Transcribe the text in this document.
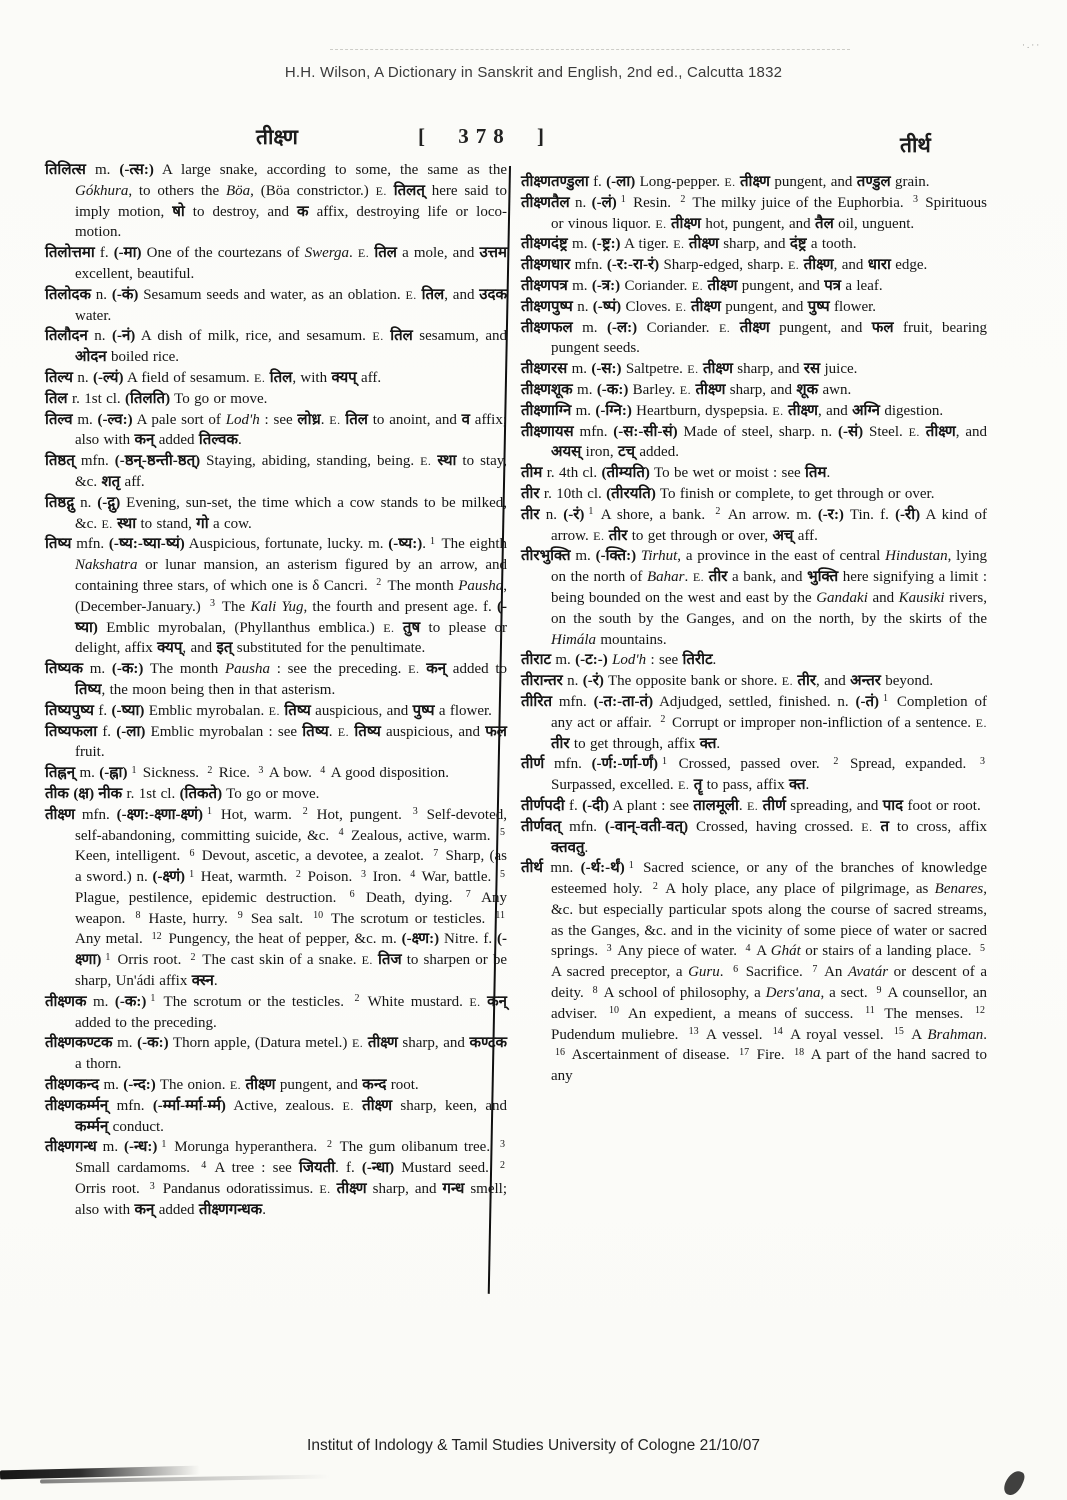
·.··
H.H. Wilson, A Dictionary in Sanskrit and English, 2nd ed., Calcutta 1832
तीक्ष्ण	[ 378 ]	तीर्थ
तिलित्स m. (-त्स:) A large snake, according to some, the same as the Gókhura, to others the Böa, (Böa constrictor.) E. तिलत् here said to imply motion, षो to destroy, and क affix, destroying life or loco-motion.
तिलोत्तमा f. (-मा) One of the courtezans of Swerga. E. तिल a mole, and उत्तम excellent, beautiful.
तिलोदक n. (-कं) Sesamum seeds and water, as an oblation. E. तिल, and उदक water.
तिलौदन n. (-नं) A dish of milk, rice, and sesamum. E. तिल sesamum, and ओदन boiled rice.
तिल्य n. (-ल्यं) A field of sesamum. E. तिल, with क्यप् aff.
तिल r. 1st cl. (तिलति) To go or move.
तिल्व m. (-ल्व:) A pale sort of Lod'h : see लोध्र. E. तिल to anoint, and व affix; also with कन् added तिल्वक.
तिष्ठत् mfn. (-ष्ठन्-ष्ठन्ती-ष्ठत्) Staying, abiding, standing, being. E. स्था to stay, &c. शतृ aff.
तिष्ठद्गु n. (-द्गु) Evening, sun-set, the time which a cow stands to be milked, &c. E. स्था to stand, गो a cow.
तिष्य mfn. (-ष्य:-ष्या-ष्यं) Auspicious, fortunate, lucky. m. (-ष्य:). $^1$ The eighth Nakshatra or lunar mansion, an asterism figured by an arrow, and containing three stars, of which one is δ Cancri. $^2$ The month Pausha, (December-January.) $^3$ The Kali Yug, the fourth and present age. f. (-ष्या) Emblic myrobalan, (Phyllanthus emblica.) E. तुष to please or delight, affix क्यप्, and इत् substituted for the penultimate.
तिष्यक m. (-क:) The month Pausha : see the preceding. E. कन् added to तिष्य, the moon being then in that asterism.
तिष्यपुष्य f. (-ष्या) Emblic myrobalan. E. तिष्य auspicious, and पुष्प a flower.
तिष्यफला f. (-ला) Emblic myrobalan : see तिष्य. E. तिष्य auspicious, and फल fruit.
तिह्नन् m. (-ह्ना) $^1$ Sickness. $^2$ Rice. $^3$ A bow. $^4$ A good disposition.
तीक (क्ष) नीक r. 1st cl. (तिकते) To go or move.
तीक्ष्ण mfn. (-क्ष्ण:-क्ष्णा-क्ष्णं) $^1$ Hot, warm. $^2$ Hot, pungent. $^3$ Self-devoted, self-abandoning, committing suicide, &c. $^4$ Zealous, active, warm. $^5$ Keen, intelligent. $^6$ Devout, ascetic, a devotee, a zealot. $^7$ Sharp, (as a sword.) n. (-क्ष्णं) $^1$ Heat, warmth. $^2$ Poison. $^3$ Iron. $^4$ War, battle. $^5$ Plague, pestilence, epidemic destruction. $^6$ Death, dying. $^7$ Any weapon. $^8$ Haste, hurry. $^9$ Sea salt. $^{10}$ The scrotum or testicles. $^{11}$ Any metal. $^{12}$ Pungency, the heat of pepper, &c. m. (-क्ष्ण:) Nitre. f. (-क्ष्णा) $^1$ Orris root. $^2$ The cast skin of a snake. E. तिज to sharpen or be sharp, Un'ádi affix क्स्न.
तीक्ष्णक m. (-क:) $^1$ The scrotum or the testicles. $^2$ White mustard. E. कन् added to the preceding.
तीक्ष्णकण्टक m. (-क:) Thorn apple, (Datura metel.) E. तीक्ष्ण sharp, and कण्टक a thorn.
तीक्ष्णकन्द m. (-न्द:) The onion. E. तीक्ष्ण pungent, and कन्द root.
तीक्ष्णकर्म्मन् mfn. (-र्म्मा-र्म्मा-र्म्म) Active, zealous. E. तीक्ष्ण sharp, keen, and कर्म्मन् conduct.
तीक्ष्णगन्ध m. (-न्ध:) $^1$ Morunga hyperanthera. $^2$ The gum olibanum tree. $^3$ Small cardamoms. $^4$ A tree : see जियती. f. (-न्धा) Mustard seed. $^2$ Orris root. $^3$ Pandanus odoratissimus. E. तीक्ष्ण sharp, and गन्ध smell; also with कन् added तीक्ष्णगन्धक.
तीक्ष्णतण्डुला f. (-ला) Long-pepper. E. तीक्ष्ण pungent, and तण्डुल grain.
तीक्ष्णतैल n. (-लं) $^1$ Resin. $^2$ The milky juice of the Euphorbia. $^3$ Spirituous or vinous liquor. E. तीक्ष्ण hot, pungent, and तैल oil, unguent.
तीक्ष्णदंष्ट्र m. (-ष्ट्र:) A tiger. E. तीक्ष्ण sharp, and दंष्ट्र a tooth.
तीक्ष्णधार mfn. (-र:-रा-रं) Sharp-edged, sharp. E. तीक्ष्ण, and धारा edge.
तीक्ष्णपत्र m. (-त्र:) Coriander. E. तीक्ष्ण pungent, and पत्र a leaf.
तीक्ष्णपुष्प n. (-ष्पं) Cloves. E. तीक्ष्ण pungent, and पुष्प flower.
तीक्ष्णफल m. (-ल:) Coriander. E. तीक्ष्ण pungent, and फल fruit, bearing pungent seeds.
तीक्ष्णरस m. (-स:) Saltpetre. E. तीक्ष्ण sharp, and रस juice.
तीक्ष्णशूक m. (-क:) Barley. E. तीक्ष्ण sharp, and शूक awn.
तीक्ष्णाग्नि m. (-ग्नि:) Heartburn, dyspepsia. E. तीक्ष्ण, and अग्नि digestion.
तीक्ष्णायस mfn. (-स:-सी-सं) Made of steel, sharp. n. (-सं) Steel. E. तीक्ष्ण, and अयस् iron, टच् added.
तीम r. 4th cl. (तीम्यति) To be wet or moist : see तिम.
तीर r. 10th cl. (तीरयति) To finish or complete, to get through or over.
तीर n. (-रं) $^1$ A shore, a bank. $^2$ An arrow. m. (-र:) Tin. f. (-री) A kind of arrow. E. तीर to get through or over, अच् aff.
तीरभुक्ति m. (-क्ति:) Tirhut, a province in the east of central Hindustan, lying on the north of Bahar. E. तीर a bank, and भुक्ति here signifying a limit : being bounded on the west and east by the Gandaki and Kausiki rivers, on the south by the Ganges, and on the north, by the skirts of the Himála mountains.
तीराट m. (-ट:-) Lod'h : see तिरीट.
तीरान्तर n. (-रं) The opposite bank or shore. E. तीर, and अन्तर beyond.
तीरित mfn. (-त:-ता-तं) Adjudged, settled, finished. n. (-तं) $^1$ Completion of any act or affair. $^2$ Corrupt or improper non-infliction of a sentence. E. तीर to get through, affix क्त.
तीर्ण mfn. (-र्ण:-र्णा-र्णं) $^1$ Crossed, passed over. $^2$ Spread, expanded. $^3$ Surpassed, excelled. E. तॄ to pass, affix क्त.
तीर्णपदी f. (-दी) A plant : see तालमूली. E. तीर्ण spreading, and पाद foot or root.
तीर्णवत् mfn. (-वान्-वती-वत्) Crossed, having crossed. E. त to cross, affix क्तवतु.
तीर्थ mn. (-र्थ:-र्थं) $^1$ Sacred science, or any of the branches of knowledge esteemed holy. $^2$ A holy place, any place of pilgrimage, as Benares, &c. but especially particular spots along the course of sacred streams, as the Ganges, &c. and in the vicinity of some piece of water or sacred springs. $^3$ Any piece of water. $^4$ A Ghát or stairs of a landing place. $^5$ A sacred preceptor, a Guru. $^6$ Sacrifice. $^7$ An Avatár or descent of a deity. $^8$ A school of philosophy, a Ders'ana, a sect. $^9$ A counsellor, an adviser. $^{10}$ An expedient, a means of success. $^{11}$ The menses. $^{12}$ Pudendum muliebre. $^{13}$ A vessel. $^{14}$ A royal vessel. $^{15}$ A Brahman. $^{16}$ Ascertainment of disease. $^{17}$ Fire. $^{18}$ A part of the hand sacred to any
Institut of Indology & Tamil Studies University of Cologne 21/10/07
